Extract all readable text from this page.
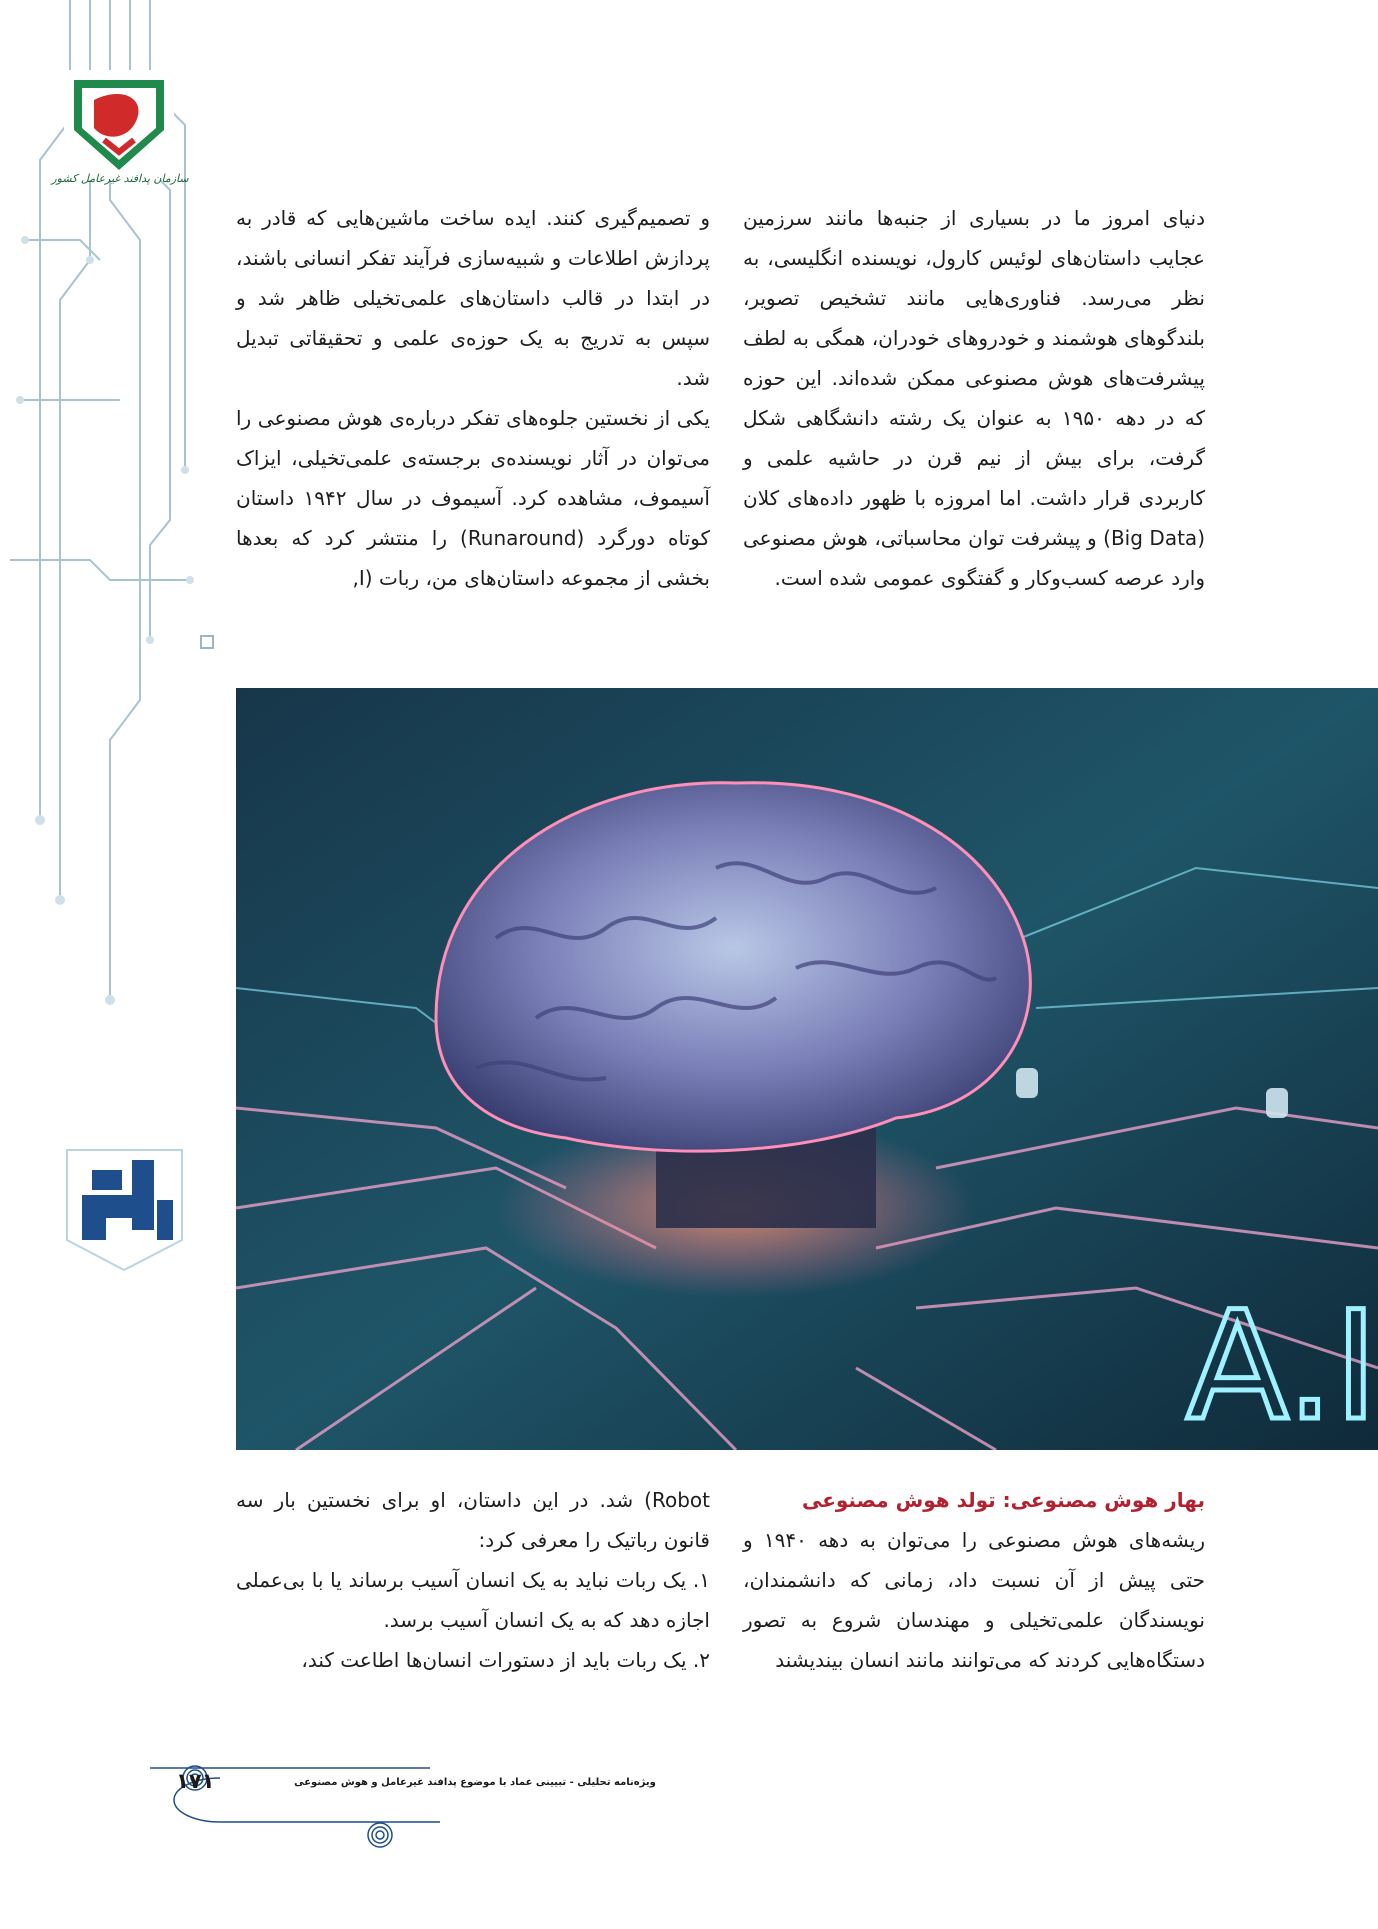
سازمان پدافند غیرعامل کشور

دنیای امروز ما در بسیاری از جنبه‌ها مانند سرزمین عجایب داستان‌های لوئیس کارول، نویسنده انگلیسی، به نظر می‌رسد. فناوری‌هایی مانند تشخیص تصویر، بلندگوهای هوشمند و خودروهای خودران، همگی به لطف پیشرفت‌های هوش مصنوعی ممکن شده‌اند. این حوزه که در دهه ۱۹۵۰ به عنوان یک رشته دانشگاهی شکل گرفت، برای بیش از نیم قرن در حاشیه علمی و کاربردی قرار داشت. اما امروزه با ظهور داده‌های کلان (Big Data) و پیشرفت توان محاسباتی، هوش مصنوعی وارد عرصه کسب‌وکار و گفتگوی عمومی شده است.

و تصمیم‌گیری کنند. ایده ساخت ماشین‌هایی که قادر به پردازش اطلاعات و شبیه‌سازی فرآیند تفکر انسانی باشند، در ابتدا در قالب داستان‌های علمی‌تخیلی ظاهر شد و سپس به تدریج به یک حوزه‌ی علمی و تحقیقاتی تبدیل شد.

یکی از نخستین جلوه‌های تفکر درباره‌ی هوش مصنوعی را می‌توان در آثار نویسنده‌ی برجسته‌ی علمی‌تخیلی، ایزاک آسیموف، مشاهده کرد. آسیموف در سال ۱۹۴۲ داستان کوتاه دورگرد (Runaround) را منتشر کرد که بعدها بخشی از مجموعه داستان‌های من، ربات (I,

A.I

بهار هوش مصنوعی: تولد هوش مصنوعی

ریشه‌های هوش مصنوعی را می‌توان به دهه ۱۹۴۰ و حتی پیش از آن نسبت داد، زمانی که دانشمندان، نویسندگان علمی‌تخیلی و مهندسان شروع به تصور دستگاه‌هایی کردند که می‌توانند مانند انسان بیندیشند

Robot) شد. در این داستان، او برای نخستین بار سه قانون رباتیک را معرفی کرد:

۱. یک ربات نباید به یک انسان آسیب برساند یا با بی‌عملی اجازه دهد که به یک انسان آسیب برسد.

۲. یک ربات باید از دستورات انسان‌ها اطاعت کند،

۱۷۱	ویژه‌نامه تحلیلی - تبیینی عماد با موضوع پدافند غیرعامل و هوش مصنوعی
